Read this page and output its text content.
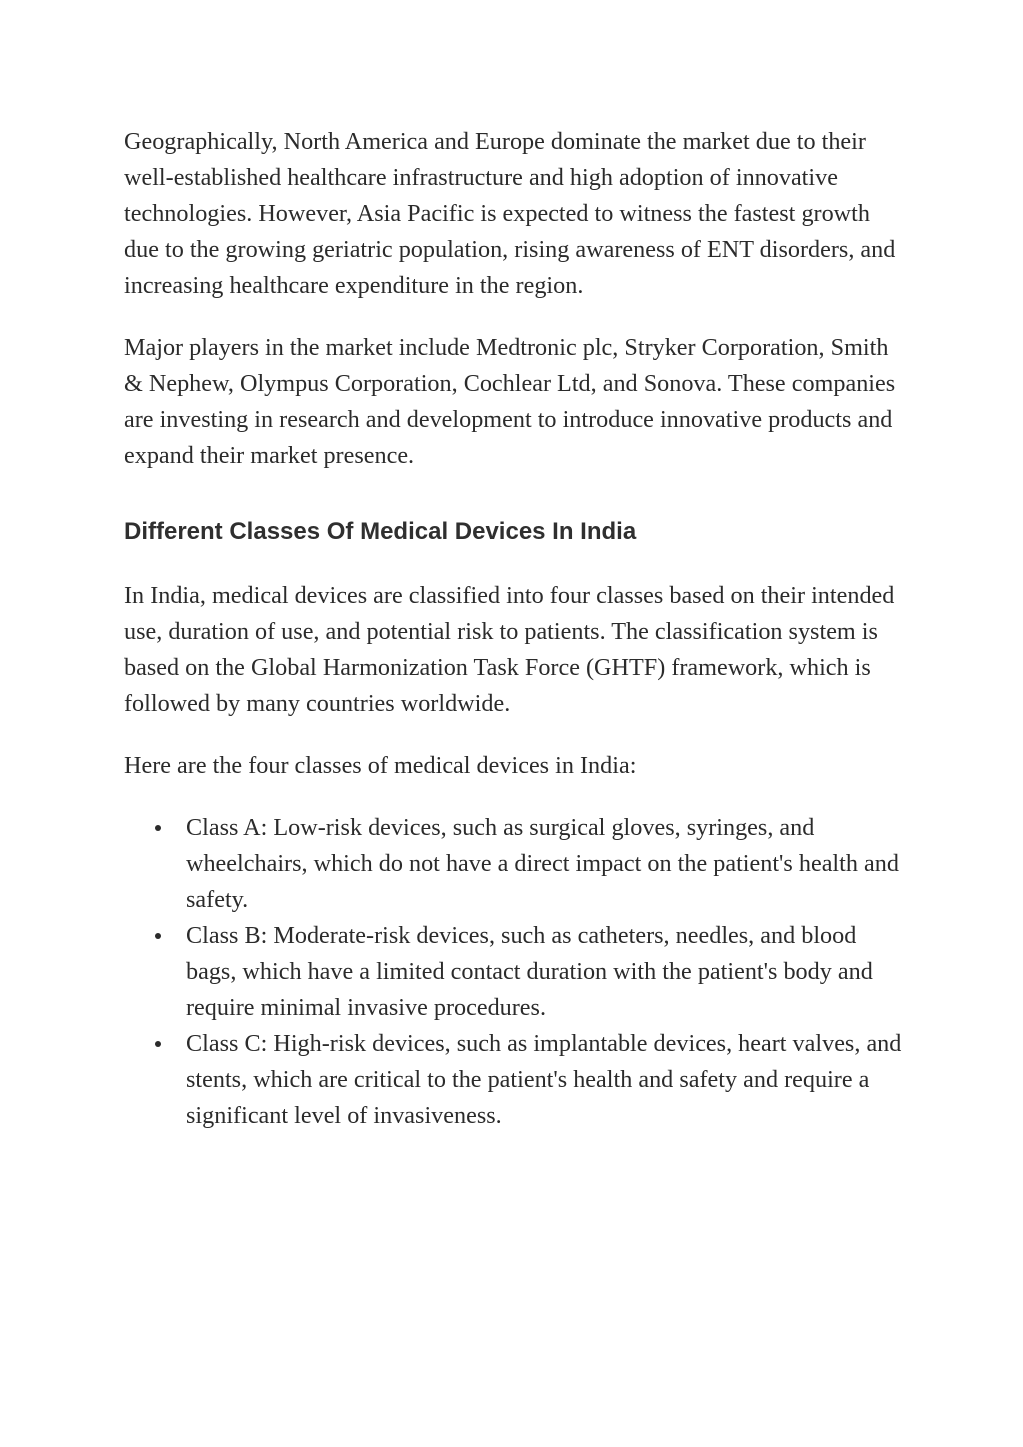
Geographically, North America and Europe dominate the market due to their well-established healthcare infrastructure and high adoption of innovative technologies. However, Asia Pacific is expected to witness the fastest growth due to the growing geriatric population, rising awareness of ENT disorders, and increasing healthcare expenditure in the region.

Major players in the market include Medtronic plc, Stryker Corporation, Smith & Nephew, Olympus Corporation, Cochlear Ltd, and Sonova. These companies are investing in research and development to introduce innovative products and expand their market presence.

Different Classes Of Medical Devices In India

In India, medical devices are classified into four classes based on their intended use, duration of use, and potential risk to patients. The classification system is based on the Global Harmonization Task Force (GHTF) framework, which is followed by many countries worldwide.

Here are the four classes of medical devices in India:

Class A: Low-risk devices, such as surgical gloves, syringes, and wheelchairs, which do not have a direct impact on the patient's health and safety.
Class B: Moderate-risk devices, such as catheters, needles, and blood bags, which have a limited contact duration with the patient's body and require minimal invasive procedures.
Class C: High-risk devices, such as implantable devices, heart valves, and stents, which are critical to the patient's health and safety and require a significant level of invasiveness.
